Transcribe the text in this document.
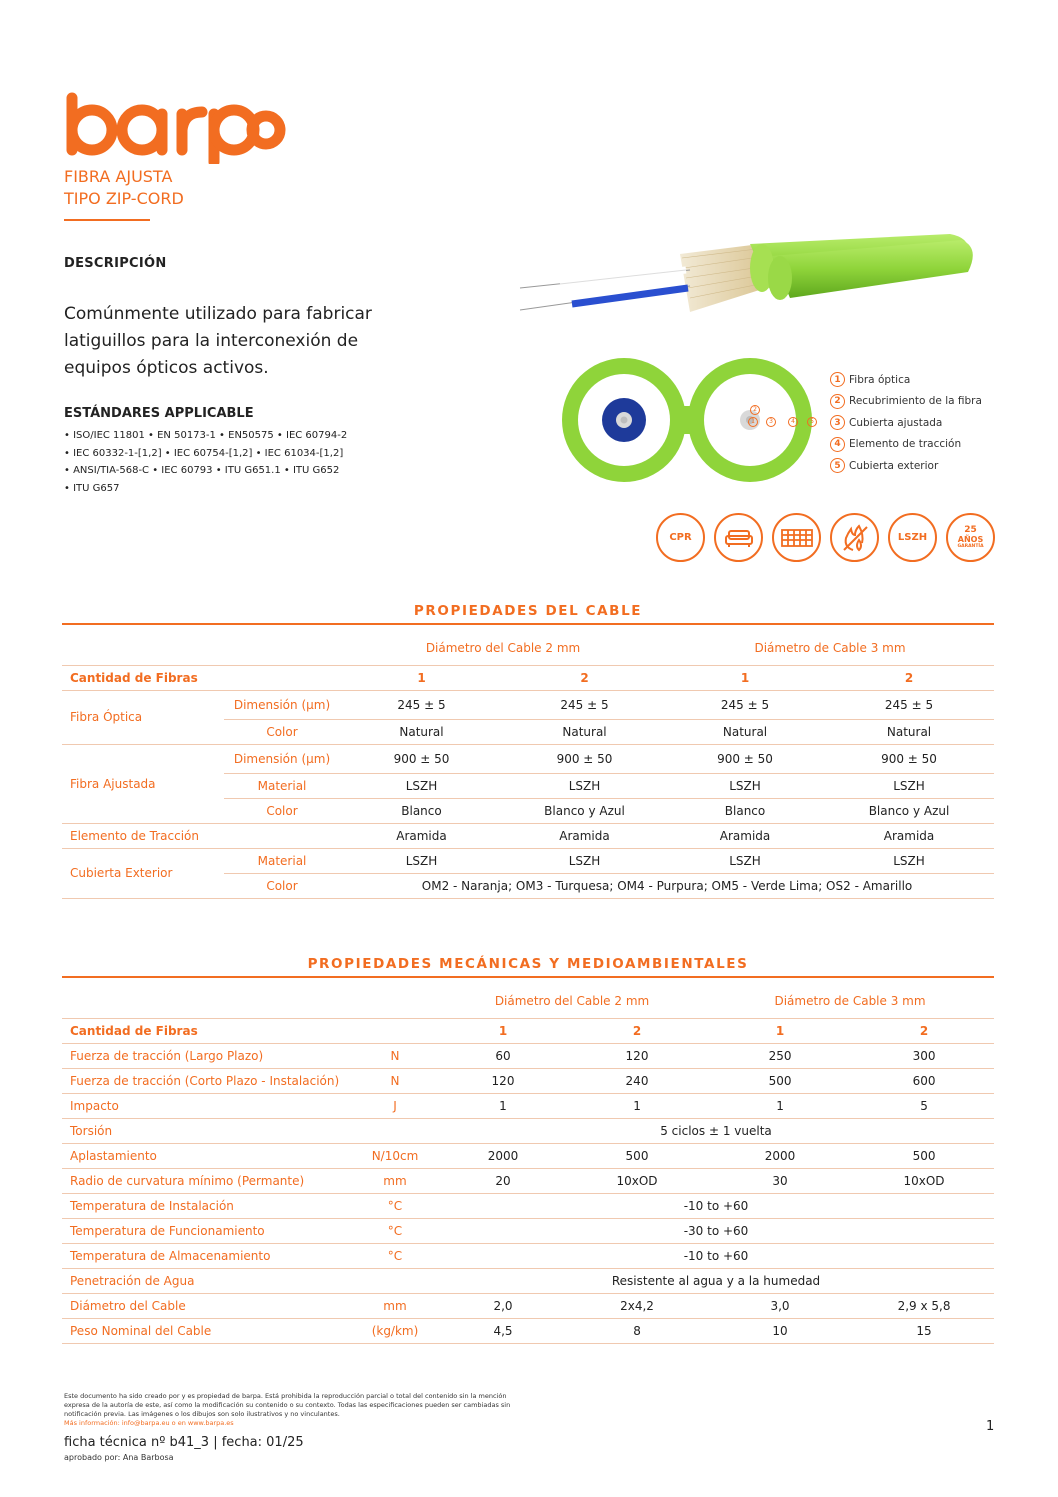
FIBRA AJUSTA
TIPO ZIP-CORD
DESCRIPCIÓN
Comúnmente utilizado para fabricar latiguillos para la interconexión de equipos ópticos activos.
ESTÁNDARES APPLICABLE
• ISO/IEC 11801 • EN 50173-1 • EN50575 • IEC 60794-2
• IEC 60332-1-[1,2] • IEC 60754-[1,2] • IEC 61034-[1,2]
• ANSI/TIA-568-C • IEC 60793 • ITU G651.1 • ITU G652
• ITU G657
2
1	3	4	5
1 Fibra óptica
2 Recubrimiento de la fibra
3 Cubierta ajustada
4 Elemento de tracción
5 Cubierta exterior
CPR	LSZH
25
AÑOS
GARANTÍA
PROPIEDADES DEL CABLE
		Diámetro del Cable 2 mm		Diámetro de Cable 3 mm	
Cantidad de Fibras		1	2	1	2
Fibra Óptica	Dimensión (μm)	245 ± 5	245 ± 5	245 ± 5	245 ± 5
	Color	Natural	Natural	Natural	Natural
Fibra Ajustada	Dimensión (μm)	900 ± 50	900 ± 50	900 ± 50	900 ± 50
	Material	LSZH	LSZH	LSZH	LSZH
	Color	Blanco	Blanco y Azul	Blanco	Blanco y Azul
Elemento de Tracción		Aramida	Aramida	Aramida	Aramida
Cubierta Exterior	Material	LSZH	LSZH	LSZH	LSZH
	Color	OM2 - Naranja; OM3 - Turquesa; OM4 - Purpura; OM5 - Verde Lima; OS2 - Amarillo			
PROPIEDADES MECÁNICAS Y MEDIOAMBIENTALES
		Diámetro del Cable 2 mm		Diámetro de Cable 3 mm	
Cantidad de Fibras		1	2	1	2
Fuerza de tracción (Largo Plazo)	N	60	120	250	300
Fuerza de tracción (Corto Plazo - Instalación)	N	120	240	500	600
Impacto	J	1	1	1	5
Torsión		5 ciclos ± 1 vuelta			
Aplastamiento	N/10cm	2000	500	2000	500
Radio de curvatura mínimo (Permante)	mm	20	10xOD	30	10xOD
Temperatura de Instalación	°C	-10 to +60			
Temperatura de Funcionamiento	°C	-30 to +60			
Temperatura de Almacenamiento	°C	-10 to +60			
Penetración de Agua		Resistente al agua y a la humedad			
Diámetro del Cable	mm	2,0	2x4,2	3,0	2,9 x 5,8
Peso Nominal del Cable	(kg/km)	4,5	8	10	15
Este documento ha sido creado por y es propiedad de barpa. Está prohibida la reproducción parcial o total del contenido sin la mención expresa de la autoría de este, así como la modificación su contenido o su contexto. Todas las especificaciones pueden ser cambiadas sin notificación previa. Las imágenes o los dibujos son solo ilustrativos y no vinculantes.
Más información: info@barpa.eu o en www.barpa.es
ficha técnica nº b41_3 | fecha: 01/25
aprobado por: Ana Barbosa
1
